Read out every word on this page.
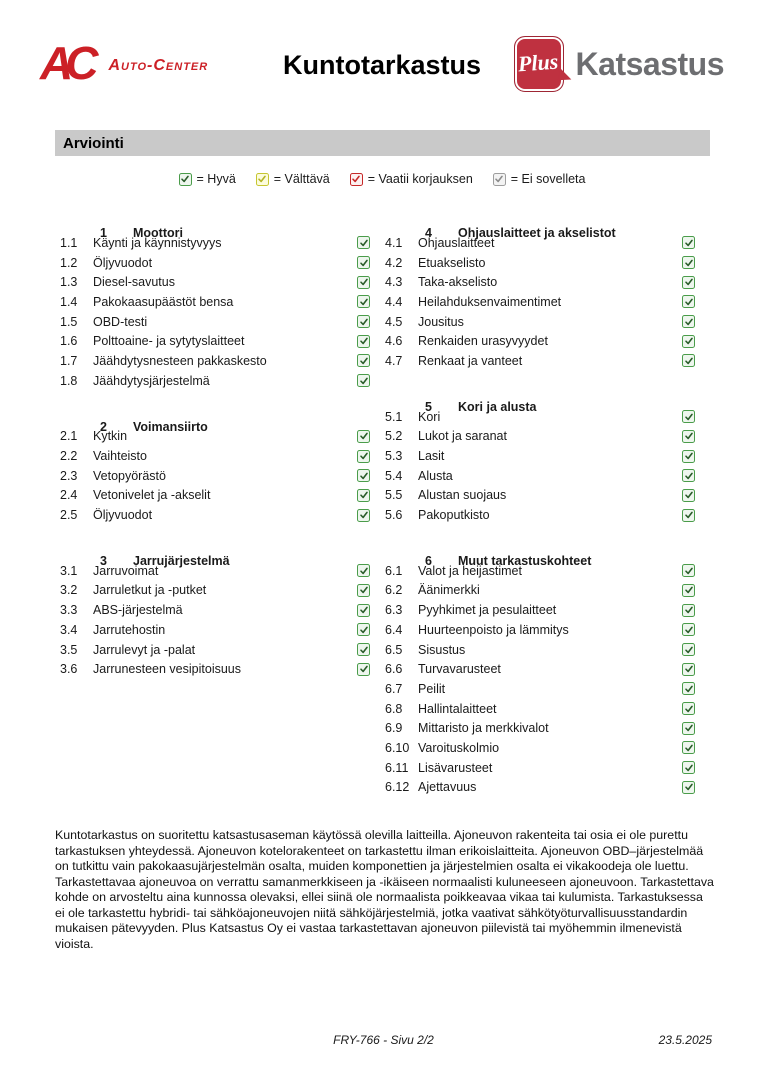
AC	Auto-Center	Kuntotarkastus Plus Katsastus
Arviointi
= Hyvä	= Välttävä	= Vaatii korjauksen	= Ei sovelleta
1	Moottori
1.1	Käynti ja käynnistyvyys
1.2	Öljyvuodot
1.3	Diesel-savutus
1.4	Pakokaasupäästöt bensa
1.5	OBD-testi
1.6	Polttoaine- ja sytytyslaitteet
1.7	Jäähdytysnesteen pakkaskesto
1.8	Jäähdytysjärjestelmä
2	Voimansiirto
2.1	Kytkin
2.2	Vaihteisto
2.3	Vetopyörästö
2.4	Vetonivelet ja -akselit
2.5	Öljyvuodot
3	Jarrujärjestelmä
3.1	Jarruvoimat
3.2	Jarruletkut ja -putket
3.3	ABS-järjestelmä
3.4	Jarrutehostin
3.5	Jarrulevyt ja -palat
3.6	Jarrunesteen vesipitoisuus
4	Ohjauslaitteet ja akselistot
4.1	Ohjauslaitteet
4.2	Etuakselisto
4.3	Taka-akselisto
4.4	Heilahduksenvaimentimet
4.5	Jousitus
4.6	Renkaiden urasyvyydet
4.7	Renkaat ja vanteet
5	Kori ja alusta
5.1	Kori
5.2	Lukot ja saranat
5.3	Lasit
5.4	Alusta
5.5	Alustan suojaus
5.6	Pakoputkisto
6	Muut tarkastuskohteet
6.1	Valot ja heijastimet
6.2	Äänimerkki
6.3	Pyyhkimet ja pesulaitteet
6.4	Huurteenpoisto ja lämmitys
6.5	Sisustus
6.6	Turvavarusteet
6.7	Peilit
6.8	Hallintalaitteet
6.9	Mittaristo ja merkkivalot
6.10 Varoituskolmio
6.11 Lisävarusteet
6.12 Ajettavuus

Kuntotarkastus on suoritettu katsastusaseman käytössä olevilla laitteilla. Ajoneuvon rakenteita tai osia ei ole purettu tarkastuksen yhteydessä. Ajoneuvon kotelorakenteet on tarkastettu ilman erikoislaitteita. Ajoneuvon OBD–järjestelmää on tutkittu vain pakokaasujärjestelmän osalta, muiden komponettien ja järjestelmien osalta ei vikakoodeja ole luettu. Tarkastettavaa ajoneuvoa on verrattu samanmerkkiseen ja -ikäiseen normaalisti kuluneeseen ajoneuvoon. Tarkastettava kohde on arvosteltu aina kunnossa olevaksi, ellei siinä ole normaalista poikkeavaa vikaa tai kulumista. Tarkastuksessa ei ole tarkastettu hybridi- tai sähköajoneuvojen niitä sähköjärjestelmiä, jotka vaativat sähkötyöturvallisuusstandardin mukaisen pätevyyden. Plus Katsastus Oy ei vastaa tarkastettavan ajoneuvon piilevistä tai myöhemmin ilmenevistä vioista.

FRY-766 - Sivu 2/2	23.5.2025
